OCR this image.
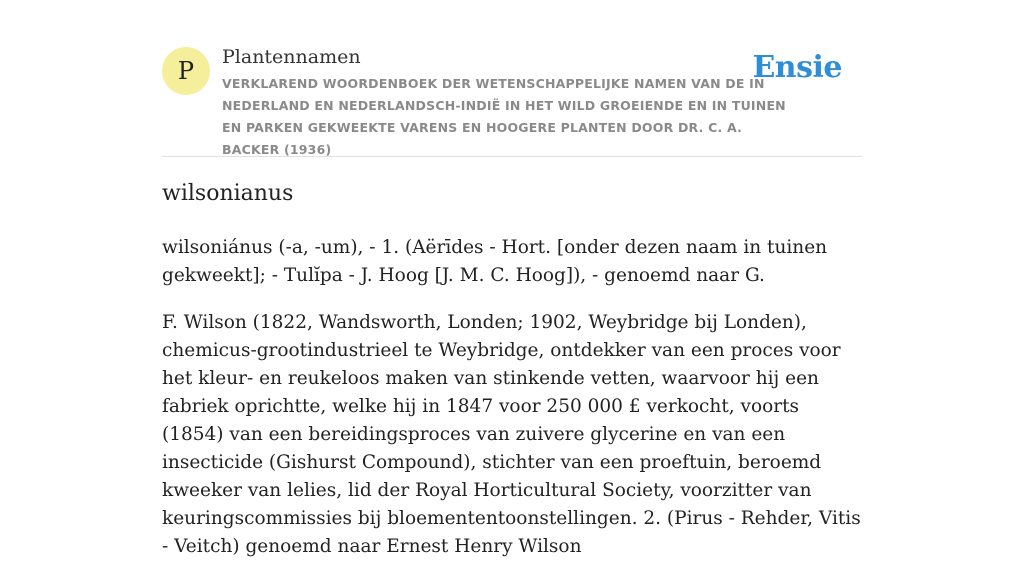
P	Plantennamen
VERKLAREND WOORDENBOEK DER WETENSCHAPPELIJKE NAMEN VAN DE IN NEDERLAND EN NEDERLANDSCH-INDIË IN HET WILD GROEIENDE EN IN TUINEN EN PARKEN GEKWEEKTE VARENS EN HOOGERE PLANTEN DOOR DR. C. A. BACKER (1936)
Ensie
wilsonianus

wilsoniánus (-a, -um), - 1. (Aërīdes - Hort. [onder dezen naam in tuinen gekweekt]; - Tulĭpa - J. Hoog [J. M. C. Hoog]), - genoemd naar G.

F. Wilson (1822, Wandsworth, Londen; 1902, Weybridge bij Londen), chemicus-grootindustrieel te Weybridge, ontdekker van een proces voor het kleur- en reukeloos maken van stinkende vetten, waarvoor hij een fabriek oprichtte, welke hij in 1847 voor 250 000 £ verkocht, voorts (1854) van een bereidingsproces van zuivere glycerine en van een insecticide (Gishurst Compound), stichter van een proeftuin, beroemd kweeker van lelies, lid der Royal Horticultural Society, voorzitter van keuringscommissies bij bloemententoonstellingen. 2. (Pirus - Rehder, Vitis - Veitch) genoemd naar Ernest Henry Wilson
